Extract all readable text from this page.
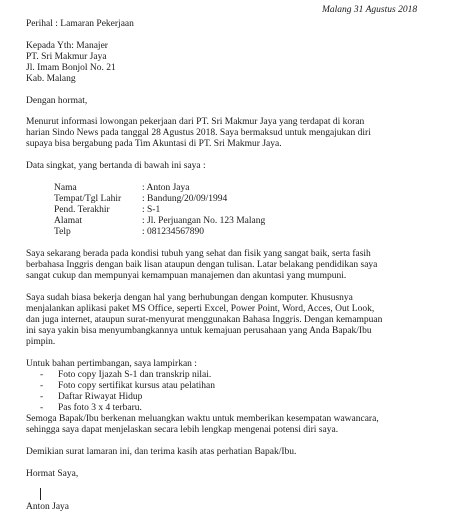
Malang 31 Agustus 2018
Perihal : Lamaran Pekerjaan
Kepada Yth: Manajer
PT. Sri Makmur Jaya
Jl. Imam Bonjol No. 21
Kab. Malang
Dengan hormat,
Menurut informasi lowongan pekerjaan dari PT. Sri Makmur Jaya yang terdapat di koran
harian Sindo News pada tanggal 28 Agustus 2018. Saya bermaksud untuk mengajukan diri
supaya bisa bergabung pada Tim Akuntasi di PT. Sri Makmur Jaya.
Data singkat, yang bertanda di bawah ini saya :
Nama	: Anton Jaya
Tempat/Tgl Lahir : Bandung/20/09/1994
Pend. Terakhir	: S-1
Alamat	: Jl. Perjuangan No. 123 Malang
Telp	: 081234567890
Saya sekarang berada pada kondisi tubuh yang sehat dan fisik yang sangat baik, serta fasih
berbahasa Inggris dengan baik lisan ataupun dengan tulisan. Latar belakang pendidikan saya
sangat cukup dan mempunyai kemampuan manajemen dan akuntasi yang mumpuni.
Saya sudah biasa bekerja dengan hal yang berhubungan dengan komputer. Khususnya
menjalankan aplikasi paket MS Office, seperti Excel, Power Point, Word, Acces, Out Look,
dan juga internet, ataupun surat-menyurat menggunakan Bahasa Inggris. Dengan kemampuan
ini saya yakin bisa menyumbangkannya untuk kemajuan perusahaan yang Anda Bapak/Ibu
pimpin.
Untuk bahan pertimbangan, saya lampirkan :
- Foto copy Ijazah S-1 dan transkrip nilai.
- Foto copy sertifikat kursus atau pelatihan
- Daftar Riwayat Hidup
- Pas foto 3 x 4 terbaru.
Semoga Bapak/Ibu berkenan meluangkan waktu untuk memberikan kesempatan wawancara,
sehingga saya dapat menjelaskan secara lebih lengkap mengenai potensi diri saya.
Demikian surat lamaran ini, dan terima kasih atas perhatian Bapak/Ibu.
Hormat Saya,
Anton Jaya
